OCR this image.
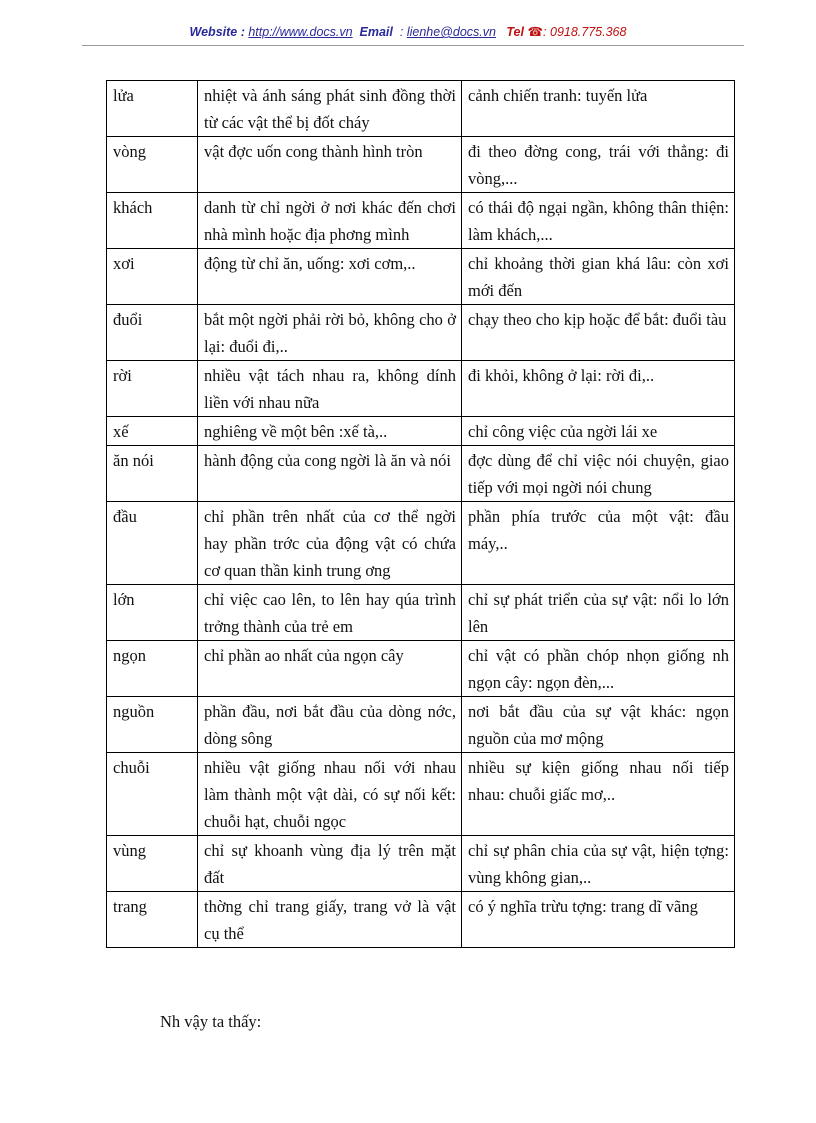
Website : http://www.docs.vn Email : lienhe@docs.vn Tel ☎: 0918.775.368
lửa	nhiệt và ánh sáng phát sinh đồng thời từ các vật thể bị đốt cháy	cảnh chiến tranh: tuyến lửa
vòng	vật đợc uốn cong thành hình tròn	đi theo đờng cong, trái với thẳng: đi vòng,...
khách	danh từ chỉ ngời ở nơi khác đến chơi nhà mình hoặc địa phơng mình	có thái độ ngại ngần, không thân thiện: làm khách,...
xơi	động từ chỉ ăn, uống: xơi cơm,..	chỉ khoảng thời gian khá lâu: còn xơi mới đến
đuổi	bắt một ngời phải rời bỏ, không cho ở lại: đuổi đi,..	chạy theo cho kịp hoặc để bắt: đuổi tàu
rời	nhiều vật tách nhau ra, không dính liền với nhau nữa	đi khỏi, không ở lại: rời đi,..
xế	nghiêng về một bên :xế tà,..	chỉ công việc của ngời lái xe
ăn nói	hành động của cong ngời là ăn và nói	đợc dùng để chỉ việc nói chuyện, giao tiếp với mọi ngời nói chung
đầu	chỉ phần trên nhất của cơ thể ngời hay phần trớc của động vật có chứa cơ quan thần kinh trung ơng	phần phía trước của một vật: đầu máy,..
lớn	chỉ việc cao lên, to lên hay qúa trình trởng thành của trẻ em	chỉ sự phát triển của sự vật: nổi lo lớn lên
ngọn	chỉ phần ao nhất của ngọn cây	chỉ vật có phần chóp nhọn giống nh ngọn cây: ngọn đèn,...
nguồn	phần đầu, nơi bắt đầu của dòng nớc, dòng sông	nơi bắt đầu của sự vật khác: ngọn nguồn của mơ mộng
chuỗi	nhiều vật giống nhau nối với nhau làm thành một vật dài, có sự nối kết: chuỗi hạt, chuỗi ngọc	nhiều sự kiện giống nhau nối tiếp nhau: chuỗi giấc mơ,..
vùng	chỉ sự khoanh vùng địa lý trên mặt đất	chỉ sự phân chia của sự vật, hiện tợng: vùng không gian,..
trang	thờng chỉ trang giấy, trang vở là vật cụ thể	có ý nghĩa trừu tợng: trang dĩ vãng
Nh vậy ta thấy:
